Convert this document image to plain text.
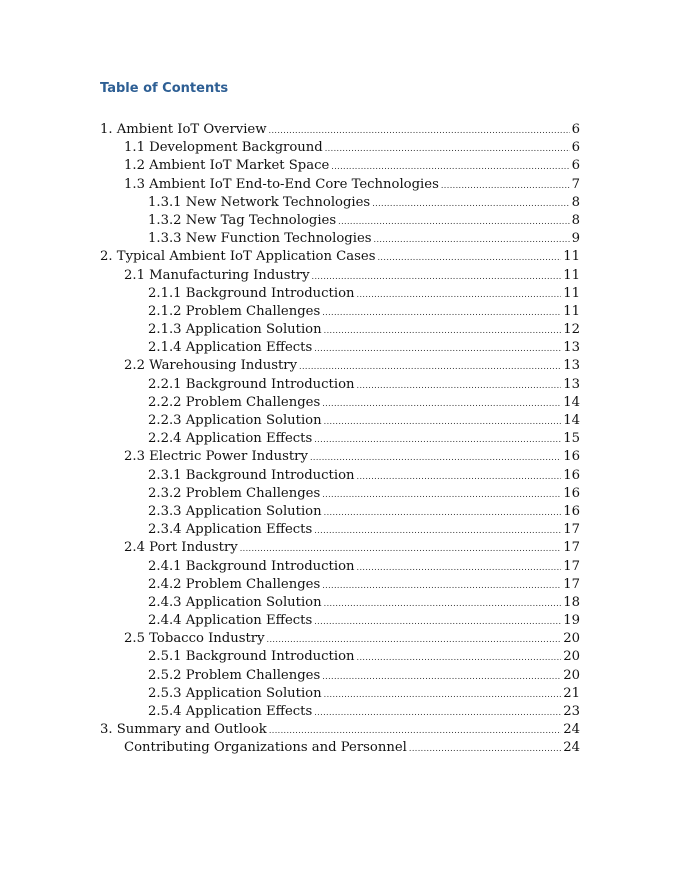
Table of Contents
1. Ambient IoT Overview .....	6
1.1 Development Background .....	6
1.2 Ambient IoT Market Space .....	6
1.3 Ambient IoT End-to-End Core Technologies .....	7
1.3.1 New Network Technologies .....	8
1.3.2 New Tag Technologies .....	8
1.3.3 New Function Technologies .....	9
2. Typical Ambient IoT Application Cases .....	11
2.1 Manufacturing Industry .....	11
2.1.1 Background Introduction .....	11
2.1.2 Problem Challenges .....	11
2.1.3 Application Solution .....	12
2.1.4 Application Effects .....	13
2.2 Warehousing Industry .....	13
2.2.1 Background Introduction .....	13
2.2.2 Problem Challenges .....	14
2.2.3 Application Solution .....	14
2.2.4 Application Effects .....	15
2.3 Electric Power Industry .....	16
2.3.1 Background Introduction .....	16
2.3.2 Problem Challenges .....	16
2.3.3 Application Solution .....	16
2.3.4 Application Effects .....	17
2.4 Port Industry .....	17
2.4.1 Background Introduction .....	17
2.4.2 Problem Challenges .....	17
2.4.3 Application Solution .....	18
2.4.4 Application Effects .....	19
2.5 Tobacco Industry .....	20
2.5.1 Background Introduction .....	20
2.5.2 Problem Challenges .....	20
2.5.3 Application Solution .....	21
2.5.4 Application Effects .....	23
3. Summary and Outlook .....	24
Contributing Organizations and Personnel .....	24
